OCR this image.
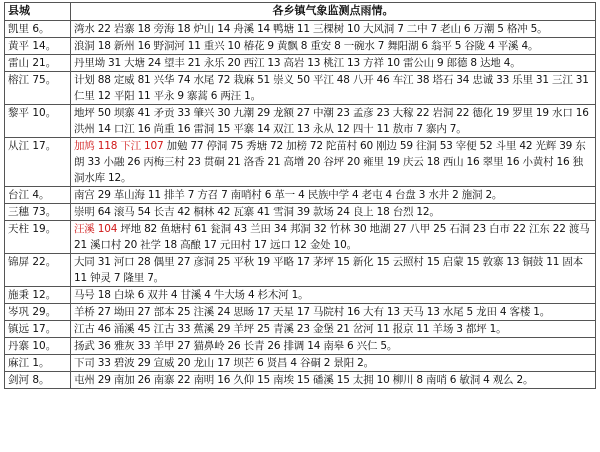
县城	各乡镇气象监测点雨情。
凯里 6。	湾水 22 岩寨 18 旁海 18 炉山 14 舟溪 14 鸭塘 11 三棵树 10 大风洞 7 二中 7 老山 6 万潮 5 格冲 5。
黄平 14。	浪洞 18 新州 16 野洞河 11 重兴 10 椿花 9 黄飘 8 重安 8 一碗水 7 舞阳湖 6 翁平 5 谷陇 4 平溪 4。
雷山 21。	丹里坳 31 大塘 24 望丰 21 永乐 20 西江 13 高岩 13 桃江 13 方祥 10 雷公山 9 郎德 8 达地 4。
榕江 75。	计划 88 定威 81 兴华 74 水尾 72 栽麻 51 崇义 50 平江 48 八开 46 车江 38 塔石 34 忠诚 33 乐里 31 三江 31 仁里 12 平阳 11 平永 9 寨蒿 6 两汪 1。
黎平 10。	地坪 50 坝寨 41 矛贡 33 肇兴 30 九潮 29 龙额 27 中潮 23 孟彦 23 大稼 22 岩洞 22 德化 19 罗里 19 水口 16 洪州 14 口江 16 尚重 16 雷洞 15 平寨 14 双江 13 永从 12 四十 11 敖市 7 寨内 7。
从江 17。	加鸠 118 下江 107 加勉 77 停洞 75 秀塘 72 加榜 72 陀苗村 60 刚边 59 往洞 53 宰便 52 斗里 42 光辉 39 东朗 33 小融 26 丙梅三村 23 贯硐 21 洛香 21 高增 20 谷坪 20 雍里 19 庆云 18 西山 16 翠里 16 小黄村 16 独洞水库 12。
台江 4。	南宫 29 革山海 11 排羊 7 方召 7 南哨村 6 革一 4 民族中学 4 老屯 4 台盘 3 水井 2 施洞 2。
三穗 73。	崇明 64 滚马 54 长吉 42 桐林 42 瓦寨 41 雪洞 39 款场 24 良上 18 台烈 12。
天柱 19。	汪溪 104 坪地 82 鱼塘村 61 瓮洞 43 兰田 34 邦洞 32 竹林 30 地湖 27 八甲 25 石洞 23 白市 22 江东 22 渡马 21 溪口村 20 社学 18 高酿 17 元田村 17 远口 12 金处 10。
锦屏 22。	大同 31 河口 28 偶里 27 彦洞 25 平秋 19 平略 17 茅坪 15 新化 15 云照村 15 启蒙 15 敦寨 13 铜鼓 11 固本 11 钟灵 7 隆里 7。
施秉 12。	马号 18 白垛 6 双井 4 甘溪 4 牛大场 4 杉木河 1。
岑巩 29。	羊桥 27 坳田 27 部本 25 注溪 24 思旸 17 天星 17 马院村 16 大有 13 天马 13 水尾 5 龙田 4 客楼 1。
镇远 17。	江古 46 涌溪 45 江古 33 蕉溪 29 羊坪 25 青溪 23 金堡 21 岔河 11 报京 11 羊场 3 都坪 1。
丹寨 10。	扬武 36 雅灰 33 羊甲 27 猫鼻岭 26 长青 26 排调 14 南皋 6 兴仁 5。
麻江 1。	下司 33 碧波 29 宣威 20 龙山 17 坝芒 6 贤昌 4 谷硐 2 景阳 2。
剑河 8。	屯州 29 南加 26 南寨 22 南明 16 久仰 15 南埃 15 磻溪 15 太拥 10 柳川 8 南哨 6 敏洞 4 观么 2。
